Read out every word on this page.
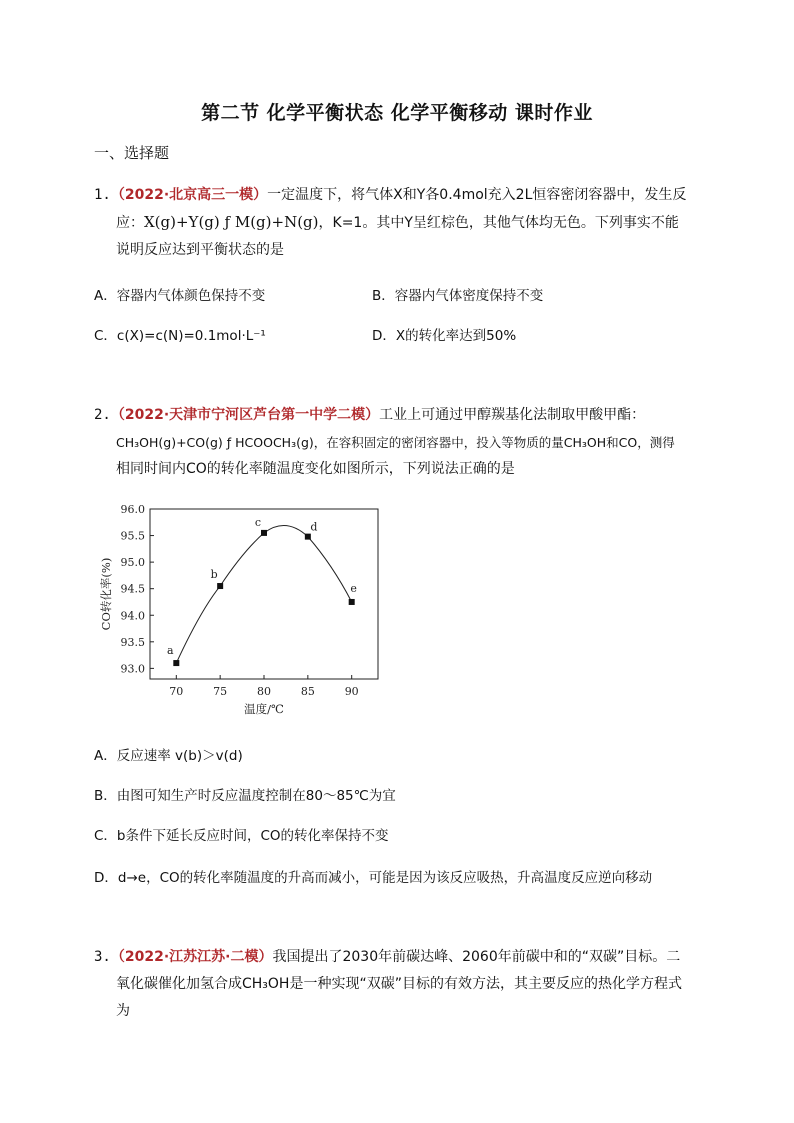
第二节 化学平衡状态 化学平衡移动 课时作业
一、选择题
1.（2022·北京高三一模）一定温度下，将气体X和Y各0.4mol充入2L恒容密闭容器中，发生反
应：X(g)+Y(g) ƒ M(g)+N(g)，K=1。其中Y呈红棕色，其他气体均无色。下列事实不能
说明反应达到平衡状态的是
A．容器内气体颜色保持不变	B．容器内气体密度保持不变
C．c(X)=c(N)=0.1mol·L⁻¹	D．X的转化率达到50%
2.（2022·天津市宁河区芦台第一中学二模）工业上可通过甲醇羰基化法制取甲酸甲酯：
CH₃OH(g)+CO(g) ƒ HCOOCH₃(g)，在容积固定的密闭容器中，投入等物质的量CH₃OH和CO，测得
相同时间内CO的转化率随温度变化如图所示，下列说法正确的是
70	75	80	85	90
93.0
93.5
94.0
94.5
95.0
95.5
96.0
温度/℃
CO转化率(%)
a
b
c	d
e
A．反应速率 v(b)＞v(d)
B．由图可知生产时反应温度控制在80～85℃为宜
C．b条件下延长反应时间，CO的转化率保持不变
D．d→e，CO的转化率随温度的升高而减小，可能是因为该反应吸热，升高温度反应逆向移动
3.（2022·江苏江苏·二模）我国提出了2030年前碳达峰、2060年前碳中和的“双碳”目标。二
氧化碳催化加氢合成CH₃OH是一种实现“双碳”目标的有效方法，其主要反应的热化学方程式
为
